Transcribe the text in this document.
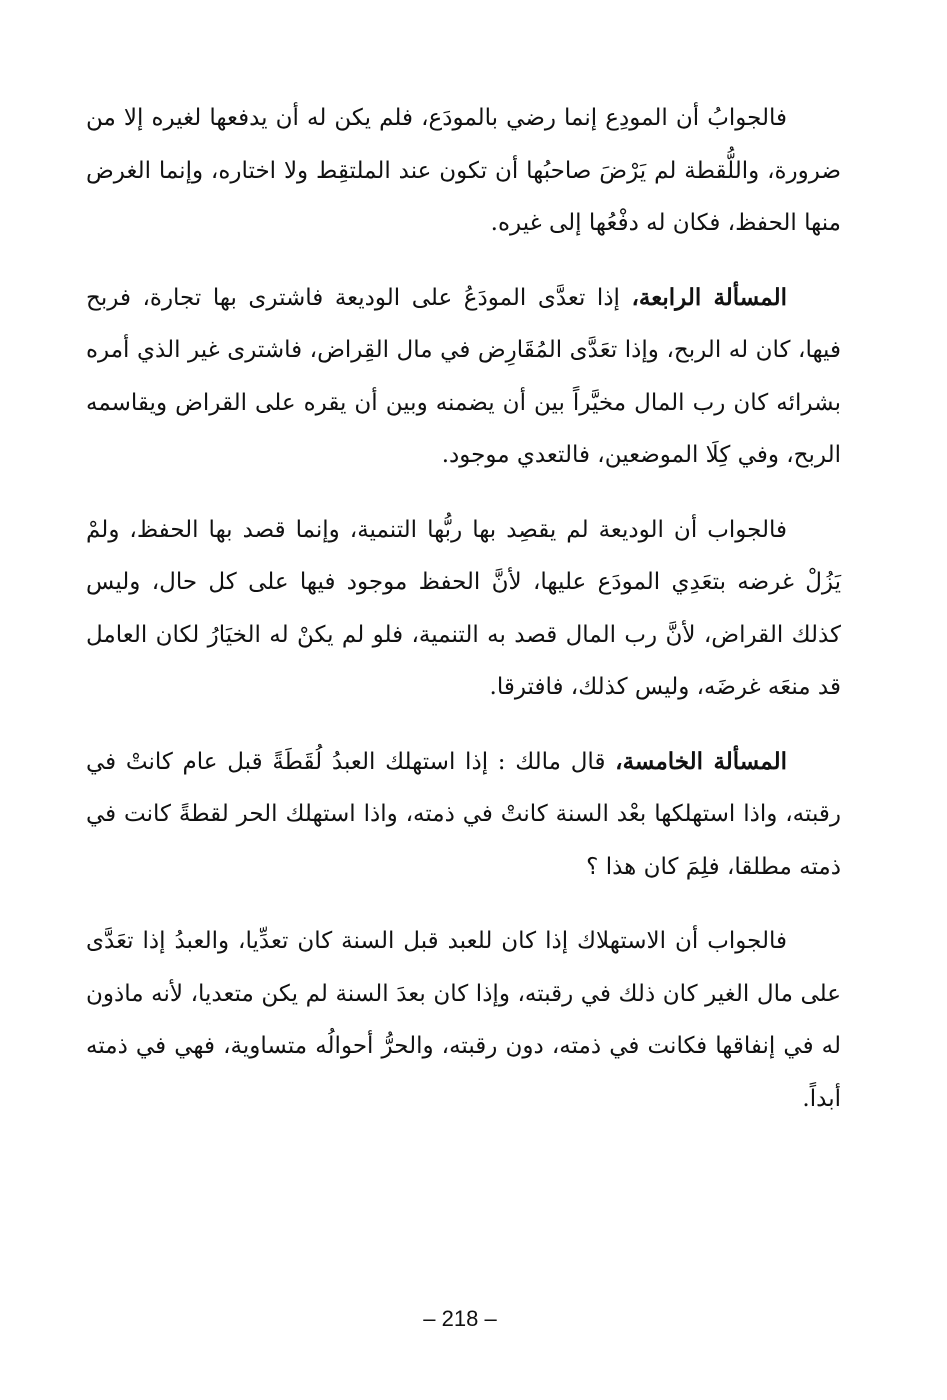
فالجوابُ أن المودِع إنما رضي بالمودَع، فلم يكن له أن يدفعها لغيره إلا من ضرورة، واللُّقطة لم يَرْضَ صاحبُها أن تكون عند الملتقِط ولا اختاره، وإنما الغرض منها الحفظ، فكان له دفْعُها إلى غيره.

المسألة الرابعة، إذا تعدَّى المودَعُ على الوديعة فاشترى بها تجارة، فربح فيها، كان له الربح، وإذا تعَدَّى المُقَارِض في مال القِراض، فاشترى غير الذي أمره بشرائه كان رب المال مخيَّراً بين أن يضمنه وبين أن يقره على القراض ويقاسمه الربح، وفي كِلَا الموضعين، فالتعدي موجود.

فالجواب أن الوديعة لم يقصِد بها ربُّها التنمية، وإنما قصد بها الحفظ، ولمْ يَزُلْ غرضه بتعَدِي المودَع عليها، لأنَّ الحفظ موجود فيها على كل حال، وليس كذلك القراض، لأنَّ رب المال قصد به التنمية، فلو لم يكنْ له الخيَارُ لكان العامل قد منعَه غرضَه، وليس كذلك، فافترقا.

المسألة الخامسة، قال مالك : إذا استهلك العبدُ لُقَطَةً قبل عام كانتْ في رقبته، واذا استهلكها بعْد السنة كانتْ في ذمته، واذا استهلك الحر لقطةً كانت في ذمته مطلقا، فلِمَ كان هذا ؟

فالجواب أن الاستهلاك إذا كان للعبد قبل السنة كان تعدِّيا، والعبدُ إذا تعَدَّى على مال الغير كان ذلك في رقبته، وإذا كان بعدَ السنة لم يكن متعديا، لأنه ماذون له في إنفاقها فكانت في ذمته، دون رقبته، والحرُّ أحوالُه متساوية، فهي في ذمته أبداً.

– 218 –
